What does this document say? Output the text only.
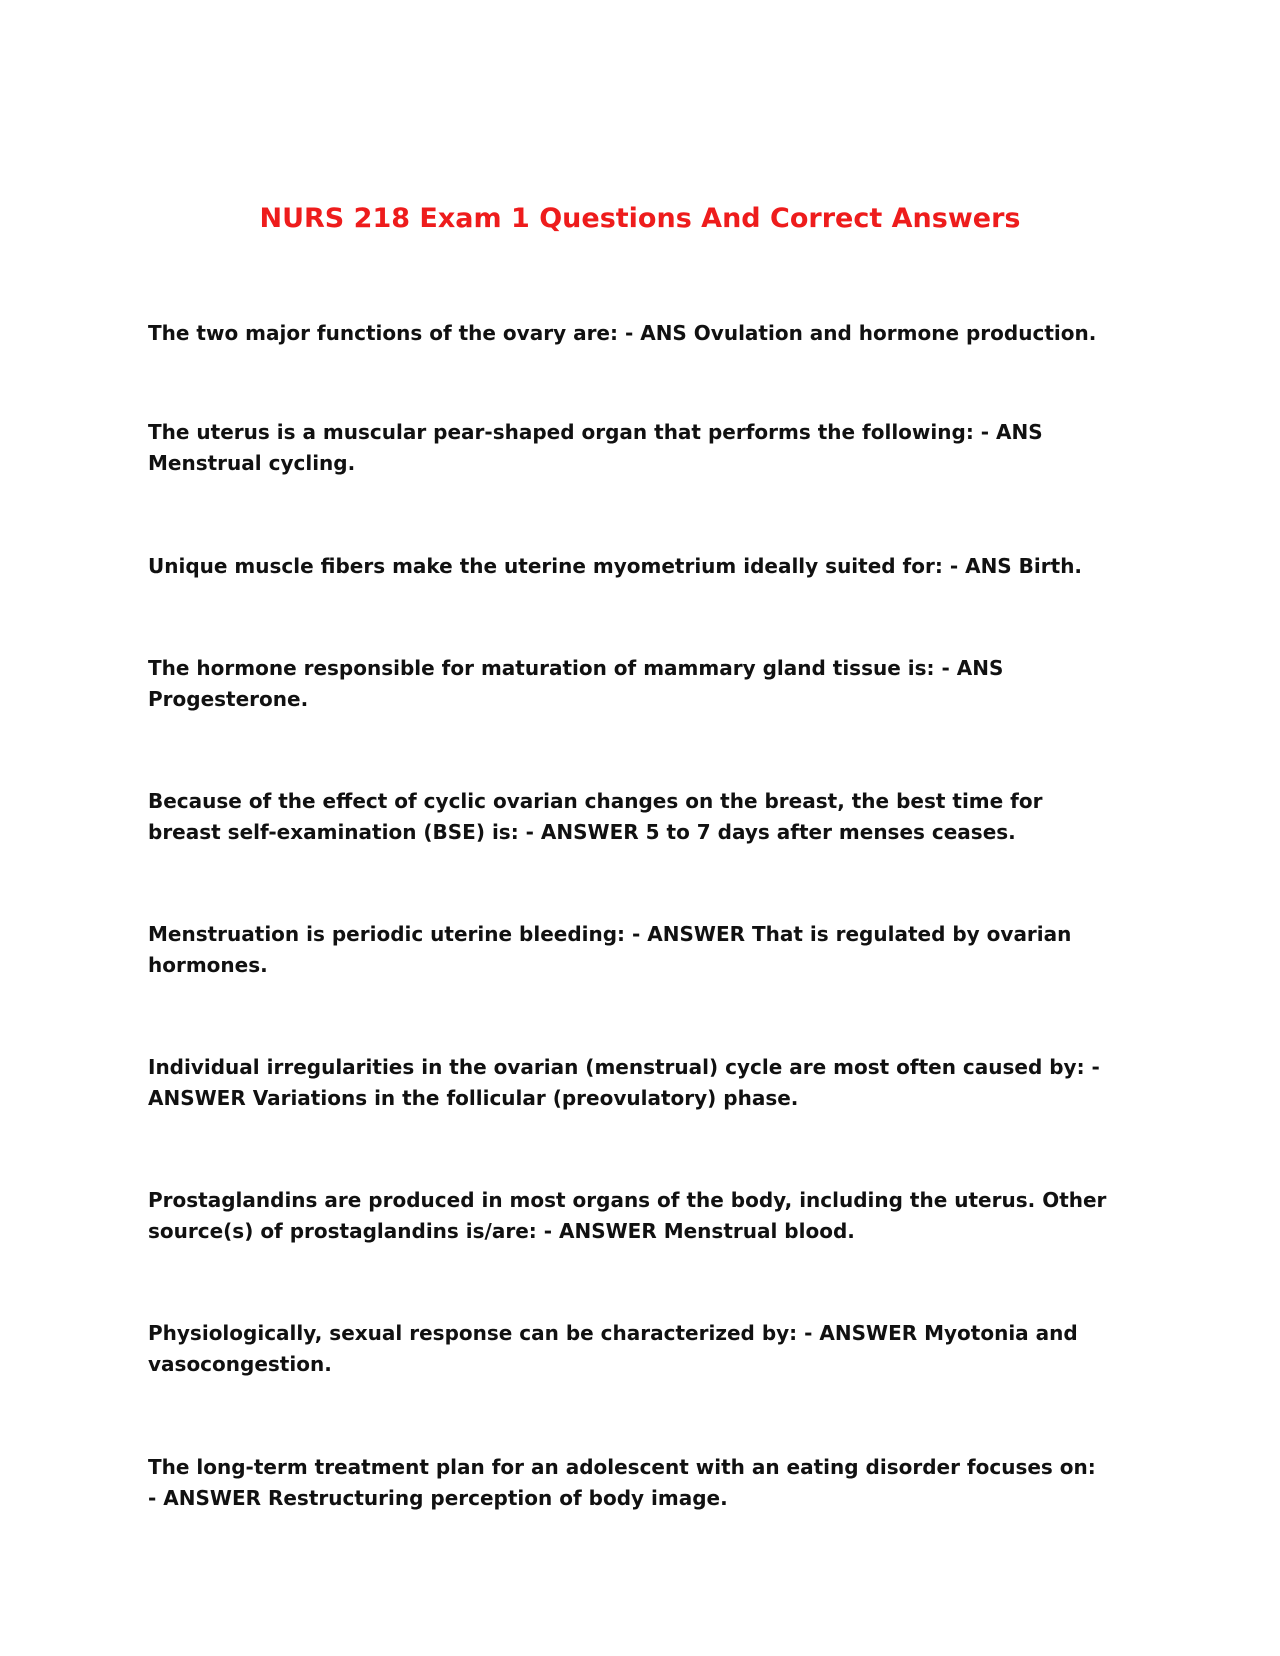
NURS 218 Exam 1 Questions And Correct Answers

The two major functions of the ovary are: - ANS Ovulation and hormone production.

The uterus is a muscular pear-shaped organ that performs the following: - ANS Menstrual cycling.

Unique muscle fibers make the uterine myometrium ideally suited for: - ANS Birth.

The hormone responsible for maturation of mammary gland tissue is: - ANS Progesterone.

Because of the effect of cyclic ovarian changes on the breast, the best time for breast self-examination (BSE) is: - ANSWER 5 to 7 days after menses ceases.

Menstruation is periodic uterine bleeding: - ANSWER That is regulated by ovarian hormones.

Individual irregularities in the ovarian (menstrual) cycle are most often caused by: - ANSWER Variations in the follicular (preovulatory) phase.

Prostaglandins are produced in most organs of the body, including the uterus. Other source(s) of prostaglandins is/are: - ANSWER Menstrual blood.

Physiologically, sexual response can be characterized by: - ANSWER Myotonia and vasocongestion.

The long-term treatment plan for an adolescent with an eating disorder focuses on: - ANSWER Restructuring perception of body image.
